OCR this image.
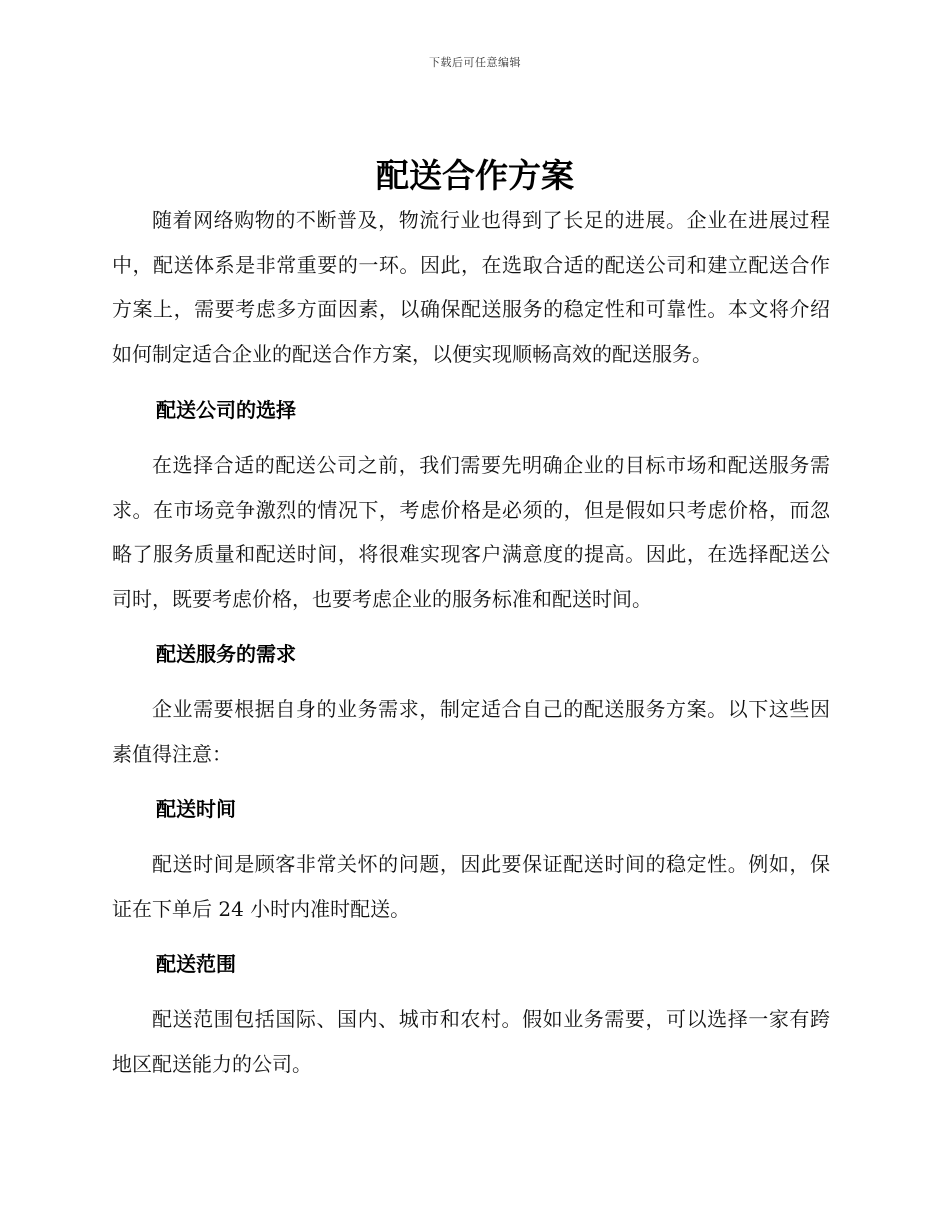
下载后可任意编辑
配送合作方案

随着网络购物的不断普及，物流行业也得到了长足的进展。企业在进展过程中，配送体系是非常重要的一环。因此，在选取合适的配送公司和建立配送合作方案上，需要考虑多方面因素，以确保配送服务的稳定性和可靠性。本文将介绍如何制定适合企业的配送合作方案，以便实现顺畅高效的配送服务。

配送公司的选择

在选择合适的配送公司之前，我们需要先明确企业的目标市场和配送服务需求。在市场竞争激烈的情况下，考虑价格是必须的，但是假如只考虑价格，而忽略了服务质量和配送时间，将很难实现客户满意度的提高。因此，在选择配送公司时，既要考虑价格，也要考虑企业的服务标准和配送时间。

配送服务的需求

企业需要根据自身的业务需求，制定适合自己的配送服务方案。以下这些因素值得注意：

配送时间

配送时间是顾客非常关怀的问题，因此要保证配送时间的稳定性。例如，保证在下单后 24 小时内准时配送。

配送范围

配送范围包括国际、国内、城市和农村。假如业务需要，可以选择一家有跨地区配送能力的公司。
